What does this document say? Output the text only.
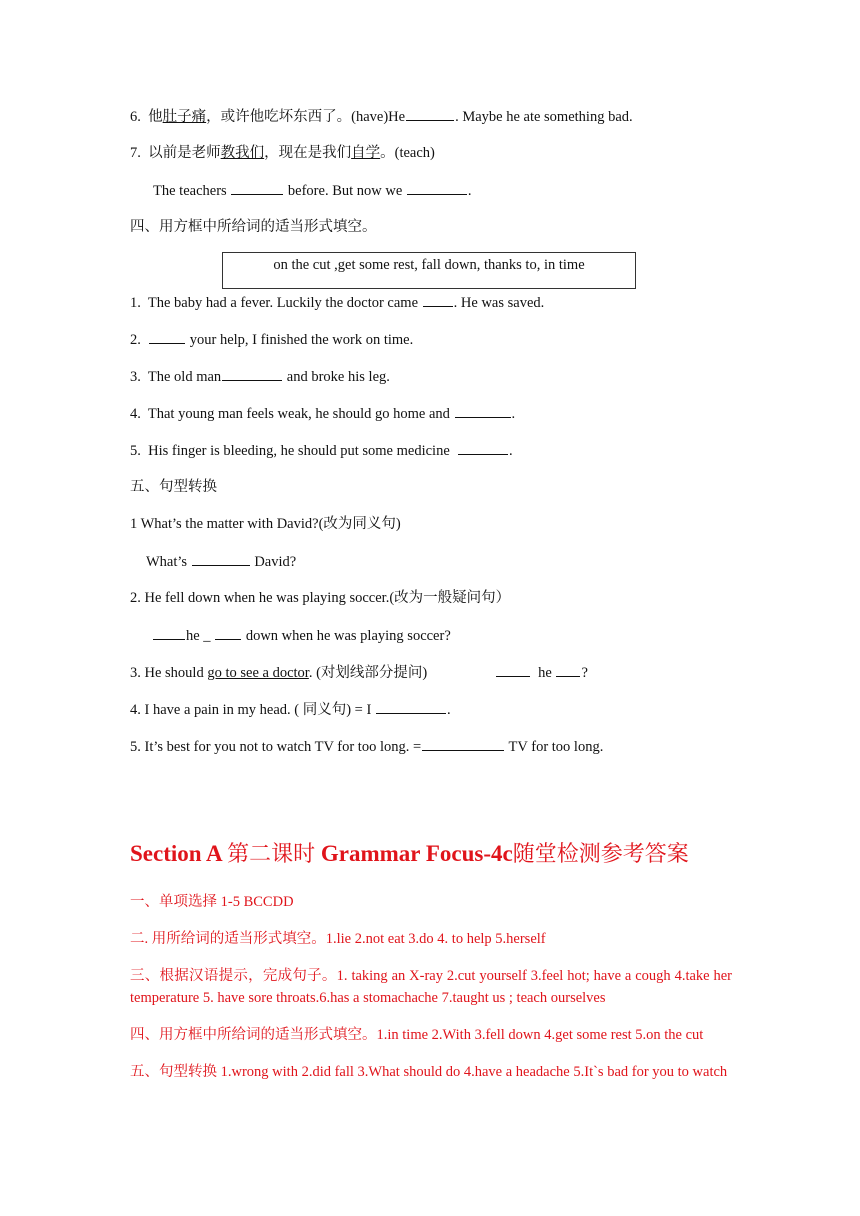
6. 他肚子痛，或许他吃坏东西了。(have)He	. Maybe he ate something bad.
7. 以前是老师教我们，现在是我们自学。(teach)
The teachers	before. But now we	.
四、用方框中所给词的适当形式填空。
on the cut ,get some rest, fall down, thanks to, in time
1. The baby had a fever. Luckily the doctor came . He was saved.
2.	your help, I finished the work on time.
3. The old man	and broke his leg.
4. That young man feels weak, he should go home and	.
5. His finger is bleeding, he should put some medicine	.
五、句型转换
1 What’s the matter with David?(改为同义句)
What’s	David?
2. He fell down when he was playing soccer.(改为一般疑问句）
he _ down when he was playing soccer?
3. He should go to see a doctor. (对划线部分提问)	he ?
4. I have a pain in my head. ( 同义句) = I	.
5. It’s best for you not to watch TV for too long. =	TV for too long.
Section A 第二课时 Grammar Focus-4c随堂检测参考答案
一、单项选择 1-5 BCCDD
二. 用所给词的适当形式填空。1.lie 2.not eat 3.do 4. to help 5.herself
三、根据汉语提示，完成句子。1. taking an X-ray 2.cut yourself 3.feel hot; have a cough 4.take her temperature 5. have sore throats.6.has a stomachache 7.taught us ; teach ourselves
四、用方框中所给词的适当形式填空。1.in time 2.With 3.fell down 4.get some rest 5.on the cut
五、句型转换 1.wrong with 2.did fall 3.What should do 4.have a headache 5.It`s bad for you to watch
